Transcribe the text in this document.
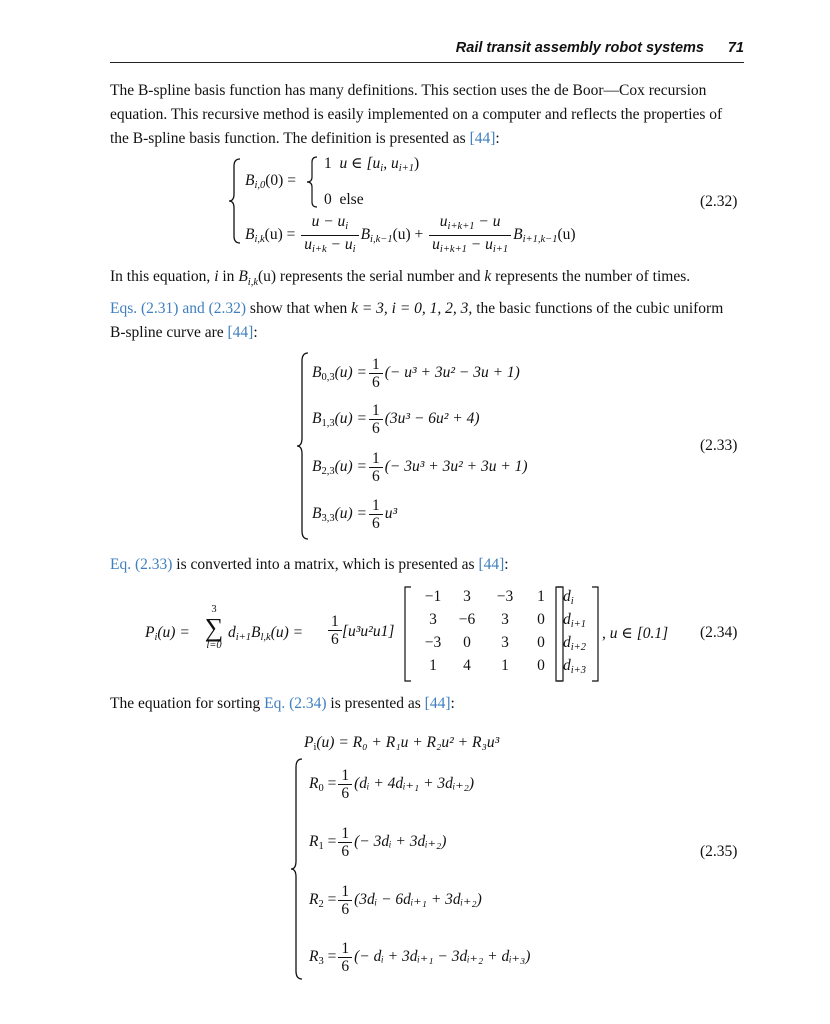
Rail transit assembly robot systems 71

The B-spline basis function has many definitions. This section uses the de Boor—Cox recursion equation. This recursive method is easily implemented on a computer and reflects the properties of the B-spline basis function. The definition is presented as [44]:

$B_{i,0}(0)$ =
1 u ∈ [$u_i$, $u_{i+1}$)
0 else
$B_{i,k}(u) = \frac{u - u_i}{u_{i+k} - u_i} B_{i,k-1}(u) + \frac{u_{i+k+1} - u}{u_{i+k+1} - u_{i+1}} B_{i+1,k-1}(u)$
(2.32)

In this equation, i in $B_{i,k}(u)$ represents the serial number and k represents the number of times.

Eqs. (2.31) and (2.32) show that when k = 3, i = 0, 1, 2, 3, the basic functions of the cubic uniform B-spline curve are [44]:

$B_{0,3}(u) = \frac{1}{6}$ (− u³ + 3u² − 3u + 1)
$B_{1,3}(u) = \frac{1}{6} (3u^3 - 6u^2 + 4)$
$B_{2,3}(u) = \frac{1}{6}$ (− 3u³ + 3u² + 3u + 1)
$B_{3,3}(u) = \frac{1}{6} u^3$
(2.33)

Eq. (2.33) is converted into a matrix, which is presented as [44]:

$P_i(u)$ =
3
∑
l=0
$d_{i+1}B_{l,k}(u) = \frac{1}{6} [u^3u^2u1]$
−1	3	−3	1
3	−6	3	0
−3	0	3	0
1	4	1	0
$d_i$
$d_{i+1}$
$d_{i+2}$
$d_{i+3}$
, u ∈ [0.1] (2.34)

The equation for sorting Eq. (2.34) is presented as [44]:

$P_i(u) = R_0 + R_1u + R_2u^2 + R_3u^3$
$R_0 = \frac{1}{6}$ (dᵢ + 4dᵢ₊₁ + 3dᵢ₊₂)
$R_1 = \frac{1}{6}$ (− 3dᵢ + 3dᵢ₊₂)
$R_2 = \frac{1}{6}$ (3dᵢ − 6dᵢ₊₁ + 3dᵢ₊₂)
$R_3 = \frac{1}{6}$ (− dᵢ + 3dᵢ₊₁ − 3dᵢ₊₂ + dᵢ₊₃)
(2.35)
